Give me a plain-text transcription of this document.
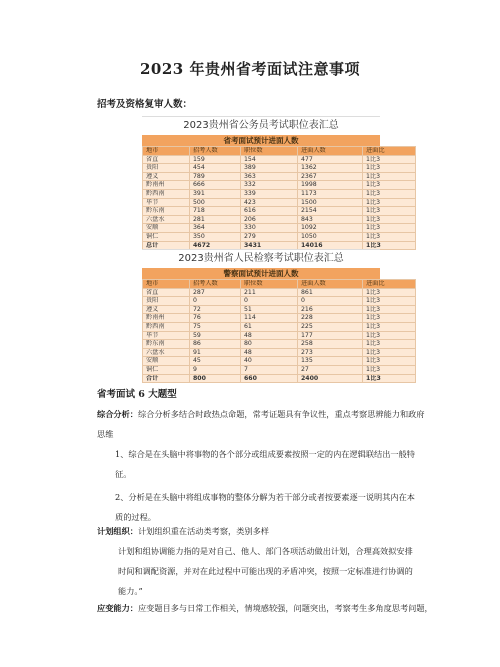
2023 年贵州省考面试注意事项
招考及资格复审人数：
2023贵州省公务员考试职位表汇总
省考面试预计进面人数
地市	招考人数	职位数	进面人数	进面比
省直	159	154	477	1比3
贵阳	454	389	1362	1比3
遵义	789	363	2367	1比3
黔南州	666	332	1998	1比3
黔西南	391	339	1173	1比3
毕节	500	423	1500	1比3
黔东南	718	616	2154	1比3
六盘水	281	206	843	1比3
安顺	364	330	1092	1比3
铜仁	350	279	1050	1比3
总计	4672	3431	14016	1比3
2023贵州省人民检察考试职位表汇总
警察面试预计进面人数
地市	招考人数	职位数	进面人数	进面比
省直	287	211	861	1比3
贵阳	0	0	0	1比3
遵义	72	51	216	1比3
黔南州	76	114	228	1比3
黔西南	75	61	225	1比3
毕节	59	48	177	1比3
黔东南	86	80	258	1比3
六盘水	91	48	273	1比3
安顺	45	40	135	1比3
铜仁	9	7	27	1比3
合计	800	660	2400	1比3
省考面试 6 大题型
综合分析：综合分析多结合时政热点命题，常考证题具有争议性，重点考察思辨能力和政府思维
1、综合是在头脑中将事物的各个部分或组成要素按照一定的内在逻辑联结出一般特征。
2、分析是在头脑中将组成事物的整体分解为若干部分或者按要素逐一说明其内在本质的过程。
计划组织：计划组织重在活动类考察，类别多样
计划和组协调能力指的是对自己、他人、部门各项活动做出计划，合理高效拟安排时间和调配资源，并对在此过程中可能出现的矛盾冲突，按照一定标准进行协调的能力。”
应变能力：应变题目多与日常工作相关，情境感较强，问题突出，考察考生多角度思考问题，
